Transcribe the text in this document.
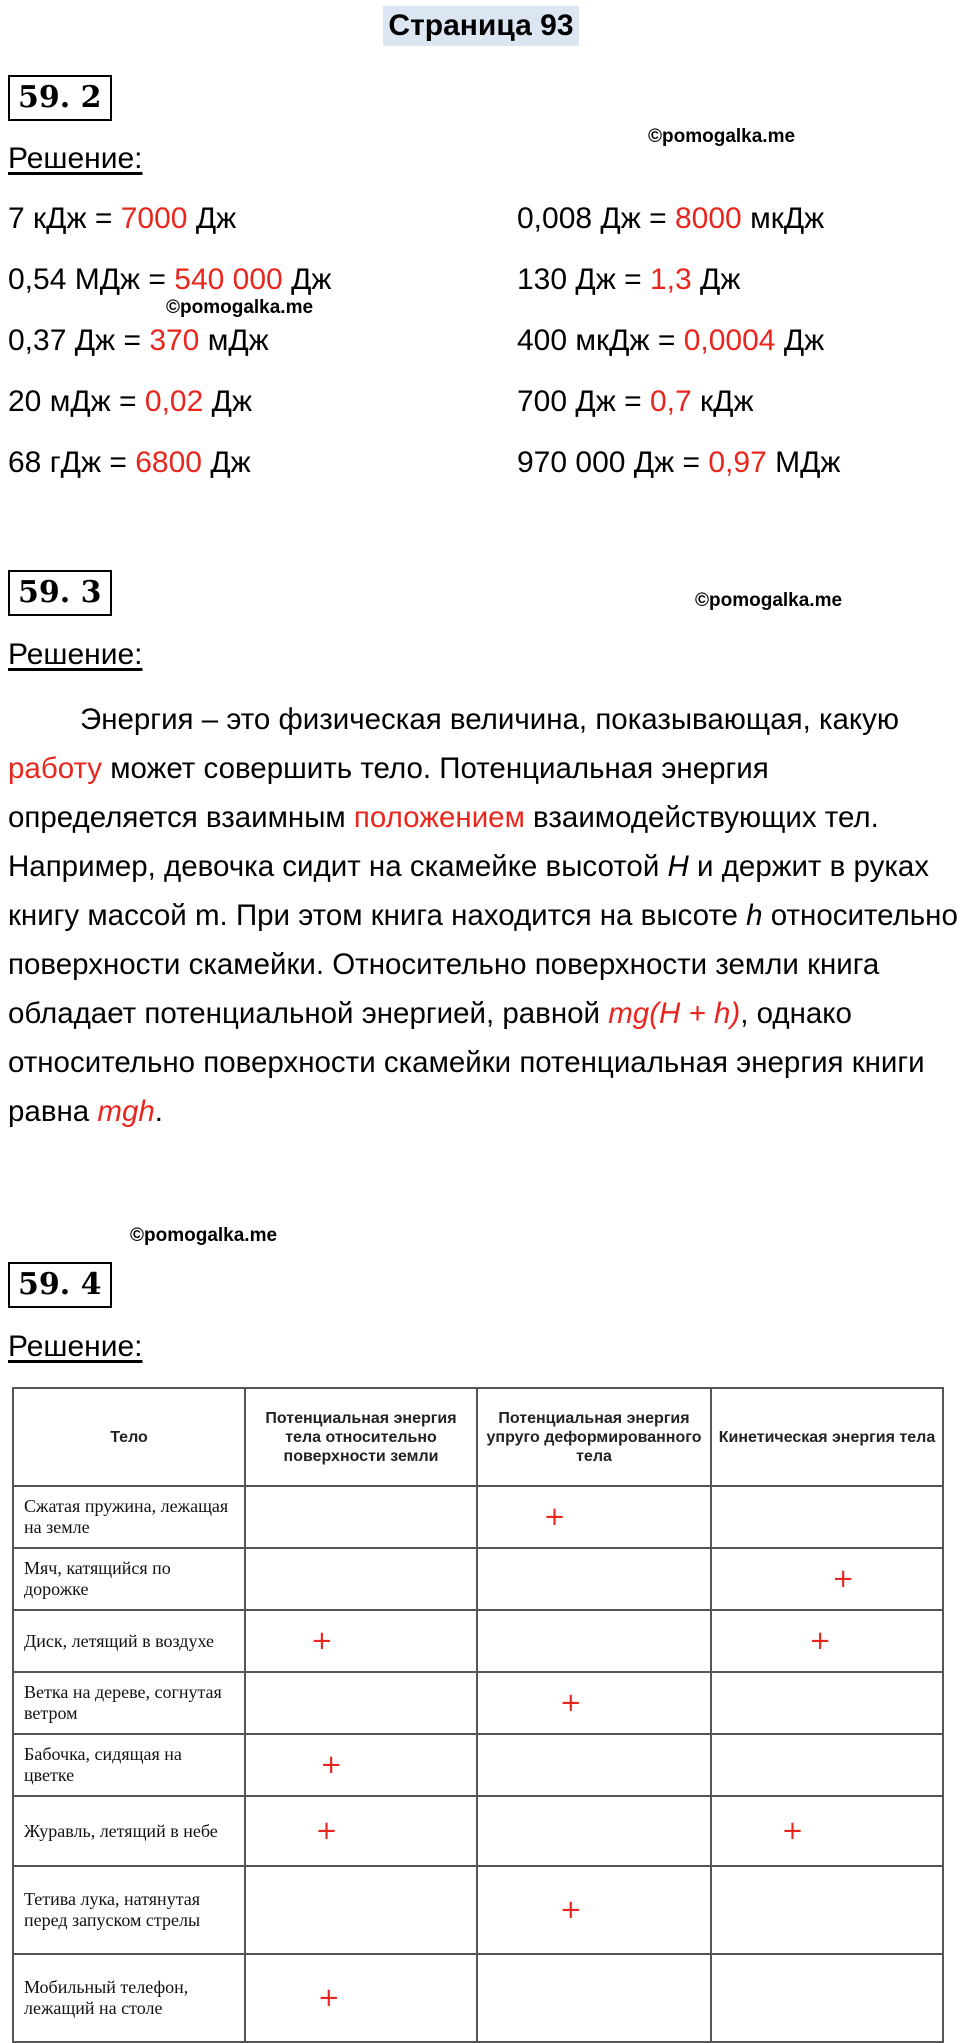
Страница 93
59. 2
©pomogalka.me
Решение:
7 кДж = 7000 Дж
0,54 МДж = 540 000 Дж
©pomogalka.me
0,37 Дж = 370 мДж
20 мДж = 0,02 Дж
68 гДж = 6800 Дж
0,008 Дж = 8000 мкДж
130 Дж = 1,3 Дж
400 мкДж = 0,0004 Дж
700 Дж = 0,7 кДж
970 000 Дж = 0,97 МДж
59. 3	©pomogalka.me
Решение:

Энергия – это физическая величина, показывающая, какую работу может совершить тело. Потенциальная энергия определяется взаимным положением взаимодействующих тел. Например, девочка сидит на скамейке высотой H и держит в руках книгу массой m. При этом книга находится на высоте h относительно поверхности скамейки. Относительно поверхности земли книга обладает потенциальной энергией, равной mg(H + h), однако относительно поверхности скамейки потенциальная энергия книги равна mgh.

©pomogalka.me
59. 4
Решение:
Тело	Потенциальная энергия тела относительно поверхности земли	Потенциальная энергия упруго деформированного тела	Кинетическая энергия тела
Сжатая пружина, лежащая на земле		+	

Мяч, катящийся по дорожке			+

Диск, летящий в воздухе	+		+

Ветка на дереве, согнутая ветром		+	

Бабочка, сидящая на цветке	+		

Журавль, летящий в небе	+		+

Тетива лука, натянутая перед запуском стрелы		+	

Мобильный телефон, лежащий на столе	+		
